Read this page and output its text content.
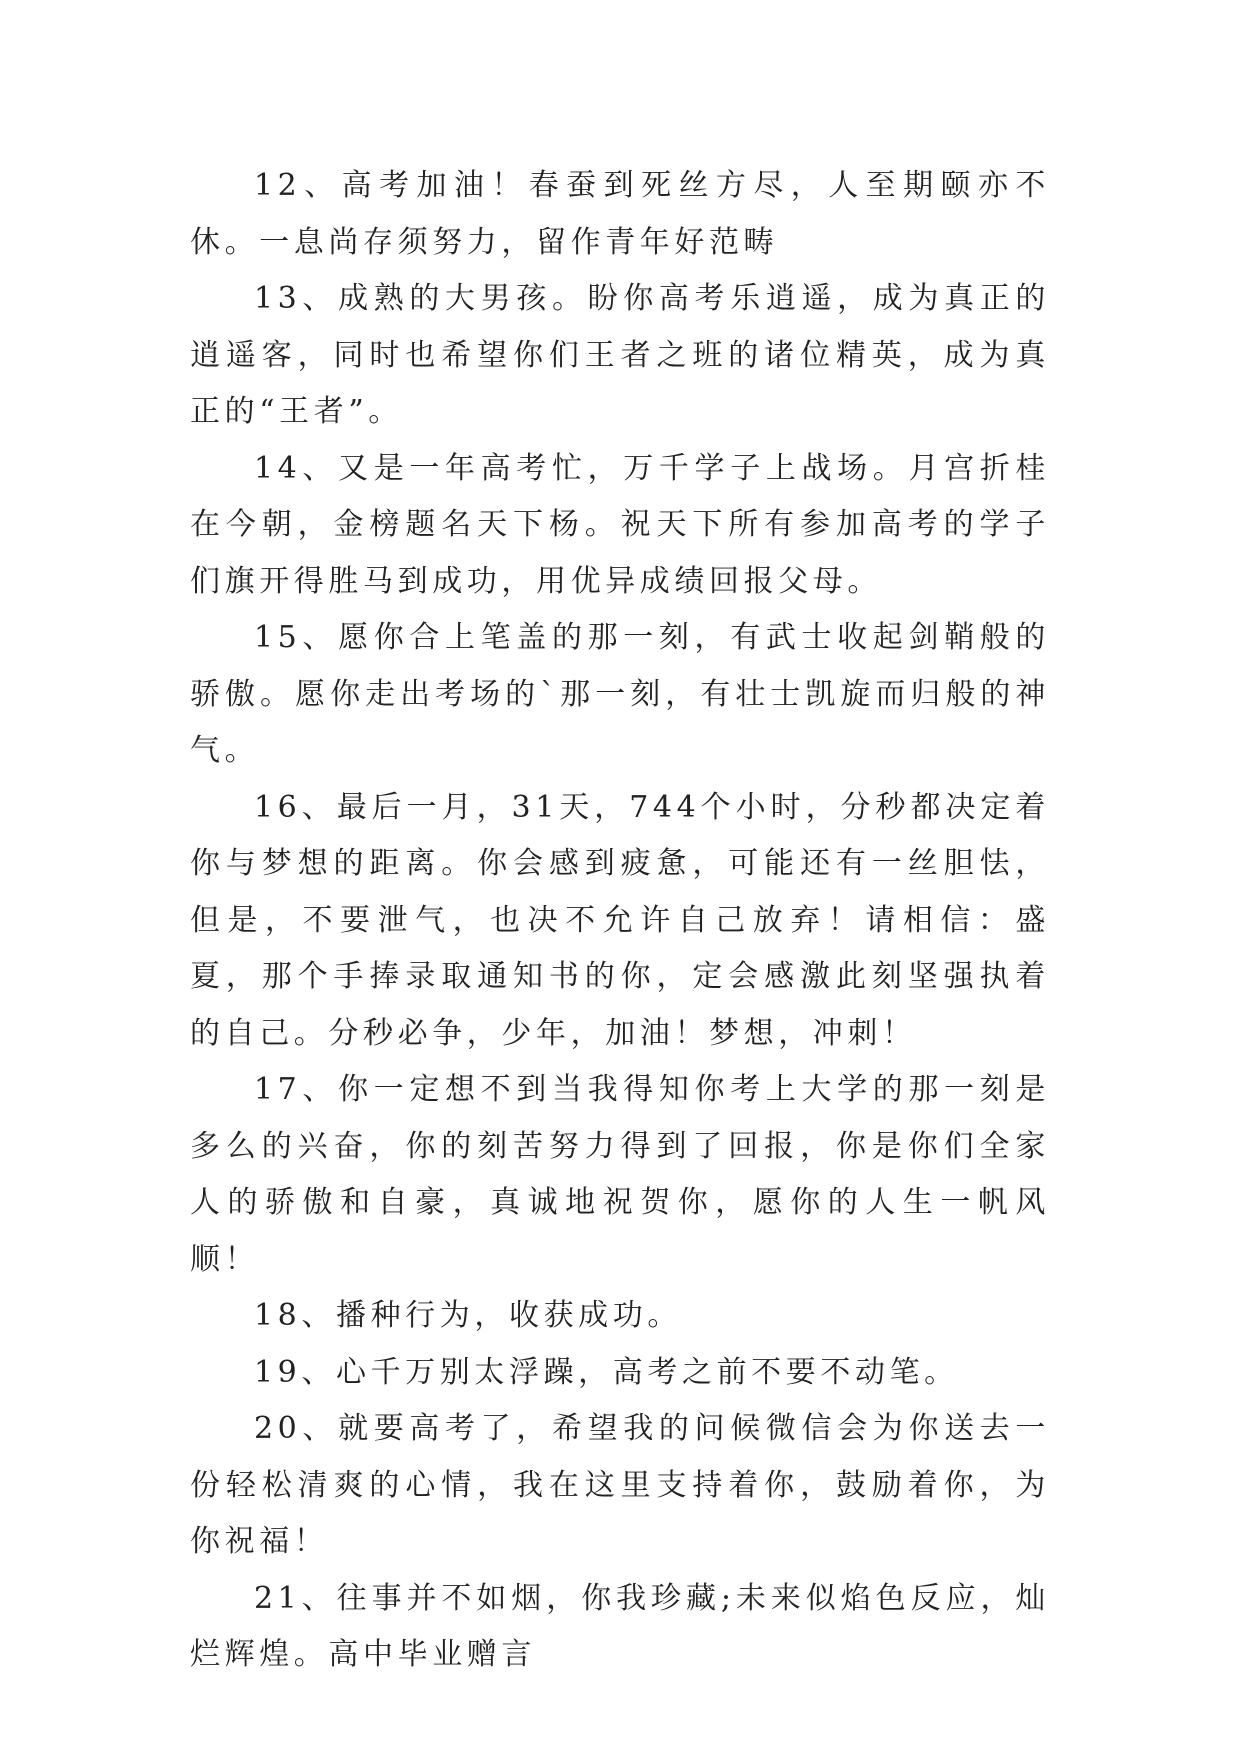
12、高考加油！春蚕到死丝方尽，人至期颐亦不休。一息尚存须努力，留作青年好范畴

13、成熟的大男孩。盼你高考乐逍遥，成为真正的逍遥客，同时也希望你们王者之班的诸位精英，成为真正的“王者”。

14、又是一年高考忙，万千学子上战场。月宫折桂在今朝，金榜题名天下杨。祝天下所有参加高考的学子们旗开得胜马到成功，用优异成绩回报父母。

15、愿你合上笔盖的那一刻，有武士收起剑鞘般的骄傲。愿你走出考场的`那一刻，有壮士凯旋而归般的神气。

16、最后一月，31天，744个小时，分秒都决定着你与梦想的距离。你会感到疲惫，可能还有一丝胆怯，但是，不要泄气，也决不允许自己放弃！请相信：盛夏，那个手捧录取通知书的你，定会感激此刻坚强执着的自己。分秒必争，少年，加油！梦想，冲刺！

17、你一定想不到当我得知你考上大学的那一刻是多么的兴奋，你的刻苦努力得到了回报，你是你们全家人的骄傲和自豪，真诚地祝贺你，愿你的人生一帆风顺！

18、播种行为，收获成功。

19、心千万别太浮躁，高考之前不要不动笔。

20、就要高考了，希望我的问候微信会为你送去一份轻松清爽的心情，我在这里支持着你，鼓励着你，为你祝福！

21、往事并不如烟，你我珍藏;未来似焰色反应，灿烂辉煌。高中毕业赠言
